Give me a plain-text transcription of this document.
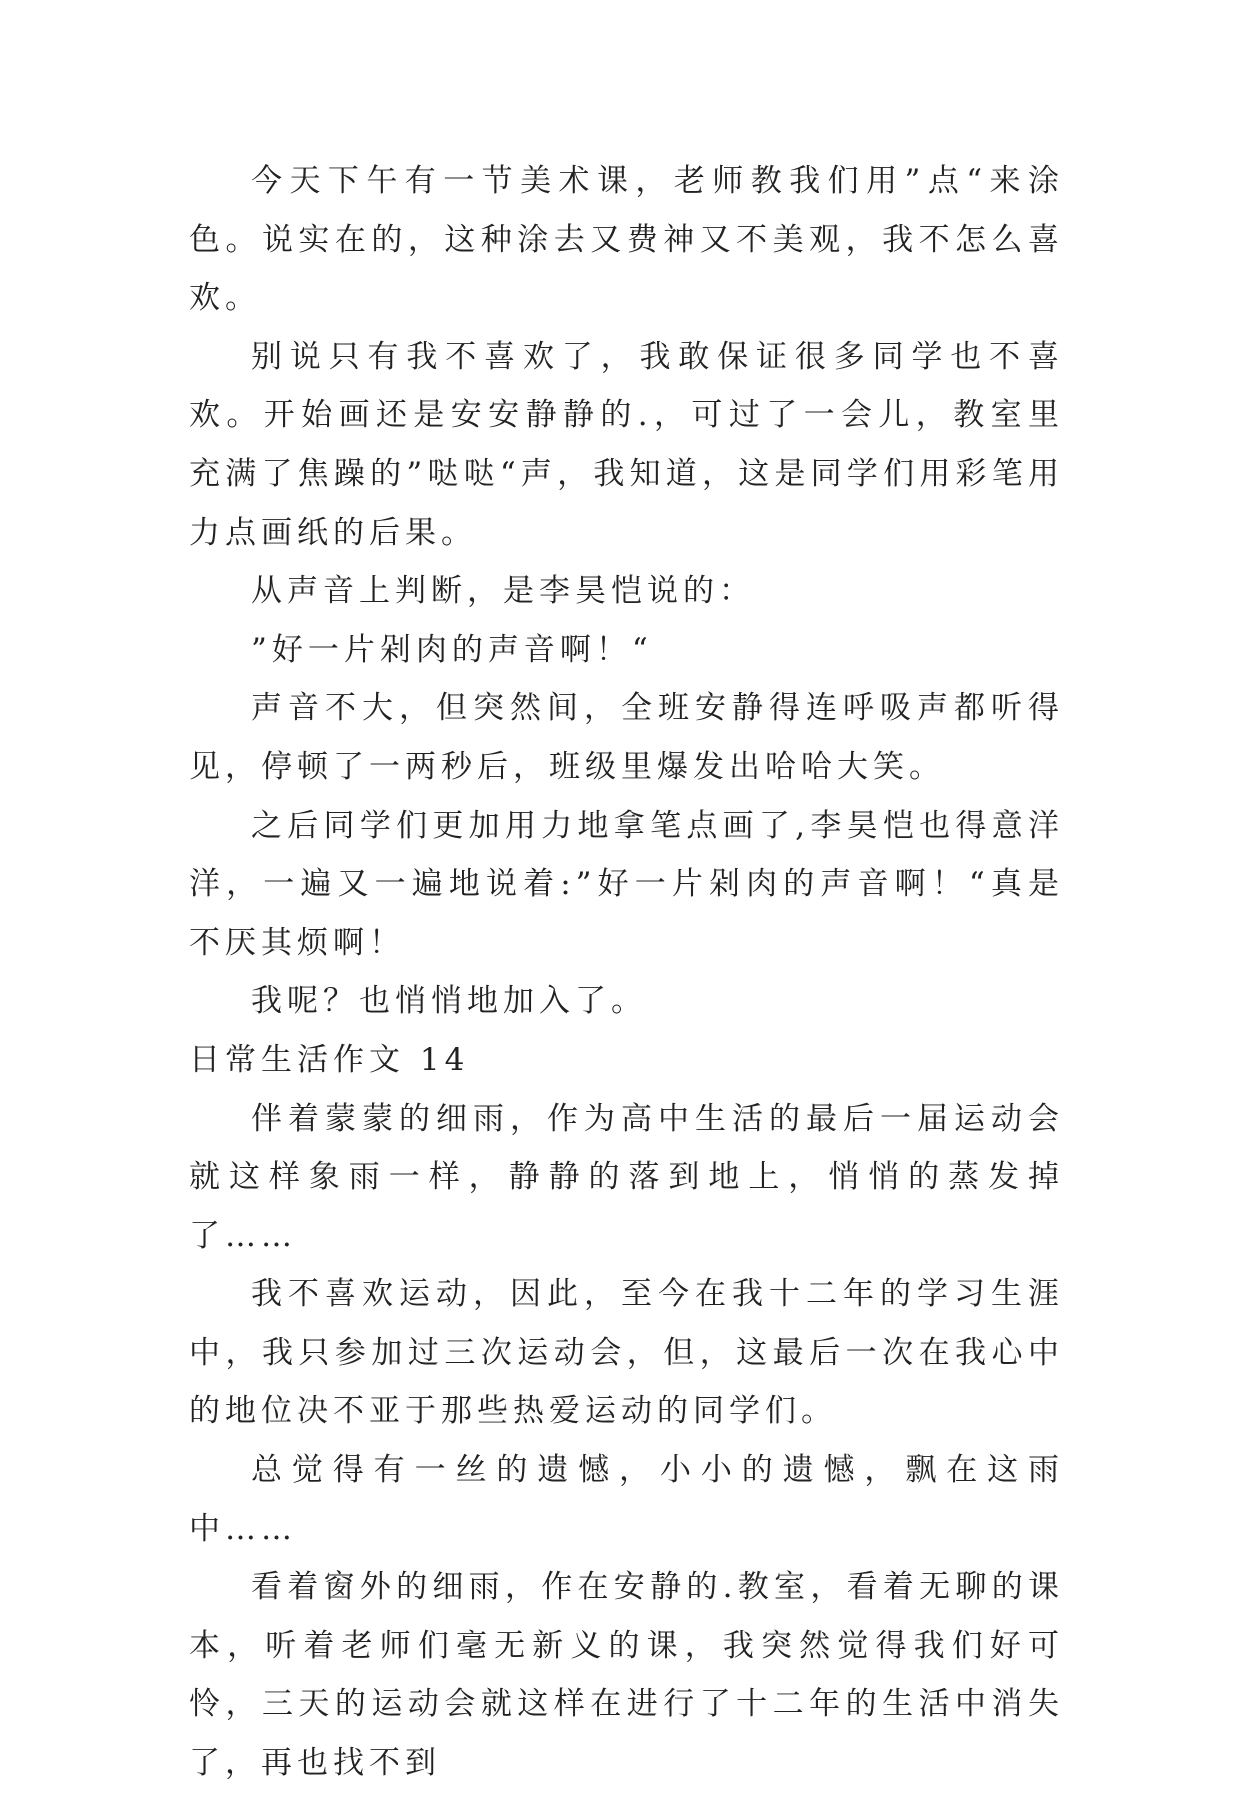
今天下午有一节美术课，老师教我们用”点“来涂色。说实在的，这种涂去又费神又不美观，我不怎么喜欢。

别说只有我不喜欢了，我敢保证很多同学也不喜欢。开始画还是安安静静的.，可过了一会儿，教室里充满了焦躁的”哒哒“声，我知道，这是同学们用彩笔用力点画纸的后果。

从声音上判断，是李昊恺说的：

”好一片剁肉的声音啊！“

声音不大，但突然间，全班安静得连呼吸声都听得见，停顿了一两秒后，班级里爆发出哈哈大笑。

之后同学们更加用力地拿笔点画了,李昊恺也得意洋洋，一遍又一遍地说着:”好一片剁肉的声音啊！“真是不厌其烦啊！

我呢？也悄悄地加入了。

日常生活作文 14

伴着蒙蒙的细雨，作为高中生活的最后一届运动会就这样象雨一样，静静的落到地上，悄悄的蒸发掉了……

我不喜欢运动，因此，至今在我十二年的学习生涯中，我只参加过三次运动会，但，这最后一次在我心中的地位决不亚于那些热爱运动的同学们。

总觉得有一丝的遗憾，小小的遗憾，飘在这雨中……

看着窗外的细雨，作在安静的.教室，看着无聊的课本，听着老师们毫无新义的课，我突然觉得我们好可怜，三天的运动会就这样在进行了十二年的生活中消失了，再也找不到
